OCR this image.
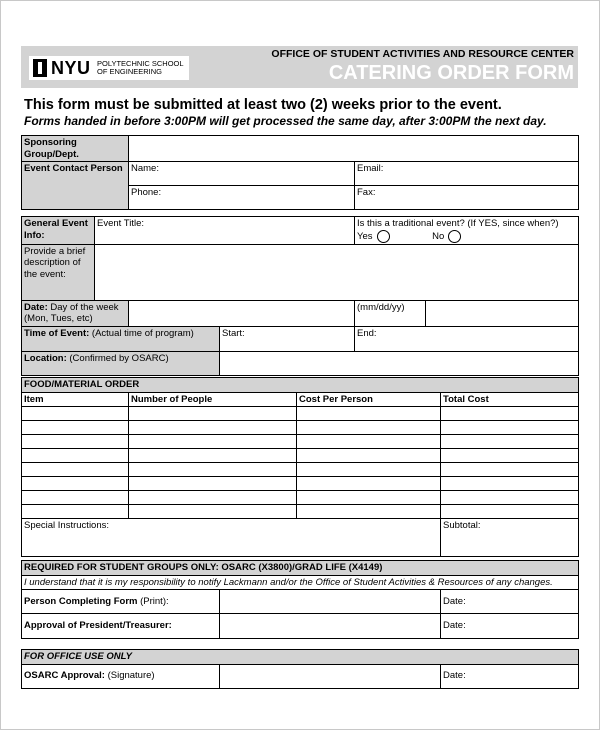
NYU POLYTECHNIC SCHOOL
OF ENGINEERING
OFFICE OF STUDENT ACTIVITIES AND RESOURCE CENTER
CATERING ORDER FORM
This form must be submitted at least two (2) weeks prior to the event.
Forms handed in before 3:00PM will get processed the same day, after 3:00PM the next day.
Sponsoring Group/Dept.		
Event Contact Person	Name:	Email:
	Phone:	Fax:
General Event Info:	Event Title:			Is this a traditional event? (If YES, since when?)
Yes No	

Provide a brief description of the event:					
Date: Day of the week (Mon, Tues, etc)				(mm/dd/yy)	
Time of Event: (Actual time of program)			Start:	End:	
Location: (Confirmed by OSARC)					
FOOD/MATERIAL ORDER			
Item	Number of People	Cost Per Person	Total Cost

Special Instructions:			Subtotal:
REQUIRED FOR STUDENT GROUPS ONLY: OSARC (X3800)/GRAD LIFE (X4149)		
I understand that it is my responsibility to notify Lackmann and/or the Office of Student Activities & Resources of any changes.		
Person Completing Form (Print):		Date:
Approval of President/Treasurer:		Date:
FOR OFFICE USE ONLY
OSARC Approval: (Signature)		Date:
